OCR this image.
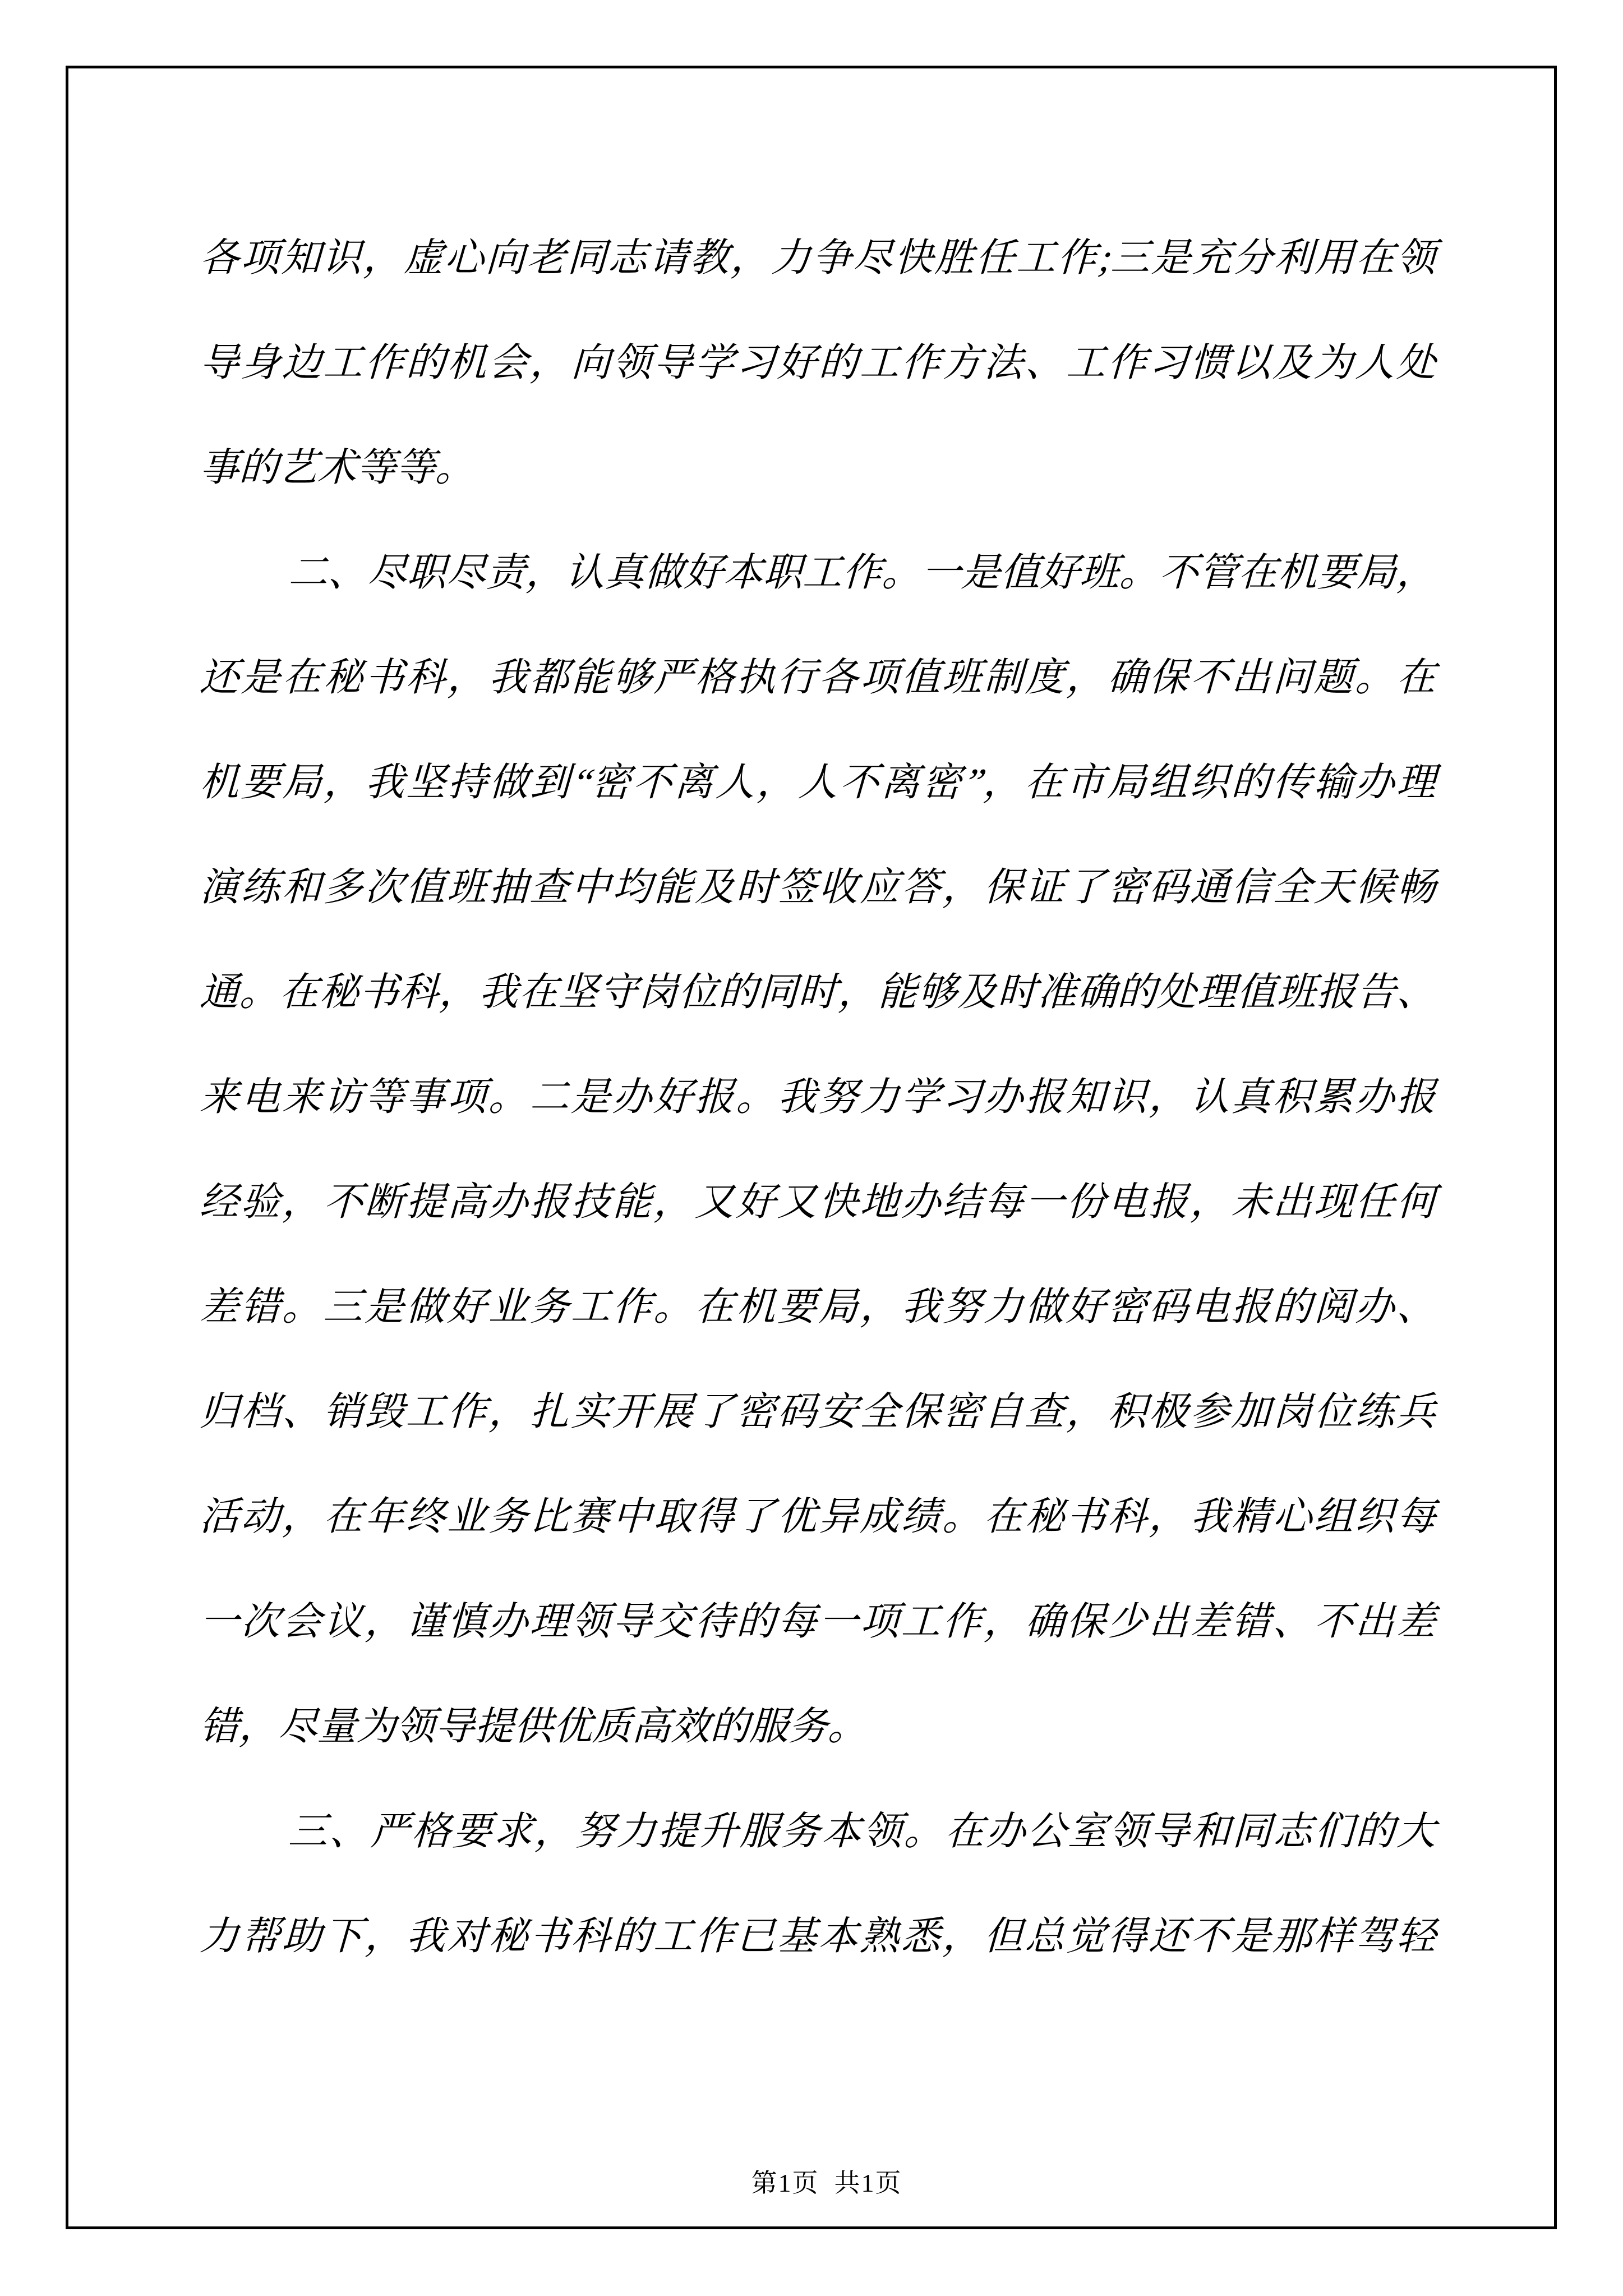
各项知识，虚心向老同志请教，力争尽快胜任工作;三是充分利用在领
导身边工作的机会，向领导学习好的工作方法、工作习惯以及为人处
事的艺术等等。
二、尽职尽责，认真做好本职工作。一是值好班。不管在机要局，
还是在秘书科，我都能够严格执行各项值班制度，确保不出问题。在
机要局，我坚持做到“密不离人，人不离密”，在市局组织的传输办理
演练和多次值班抽查中均能及时签收应答，保证了密码通信全天候畅
通。在秘书科，我在坚守岗位的同时，能够及时准确的处理值班报告、
来电来访等事项。二是办好报。我努力学习办报知识，认真积累办报
经验，不断提高办报技能，又好又快地办结每一份电报，未出现任何
差错。三是做好业务工作。在机要局，我努力做好密码电报的阅办、
归档、销毁工作，扎实开展了密码安全保密自查，积极参加岗位练兵
活动，在年终业务比赛中取得了优异成绩。在秘书科，我精心组织每
一次会议，谨慎办理领导交待的每一项工作，确保少出差错、不出差
错，尽量为领导提供优质高效的服务。
三、严格要求，努力提升服务本领。在办公室领导和同志们的大
力帮助下，我对秘书科的工作已基本熟悉，但总觉得还不是那样驾轻

第1页  共1页
